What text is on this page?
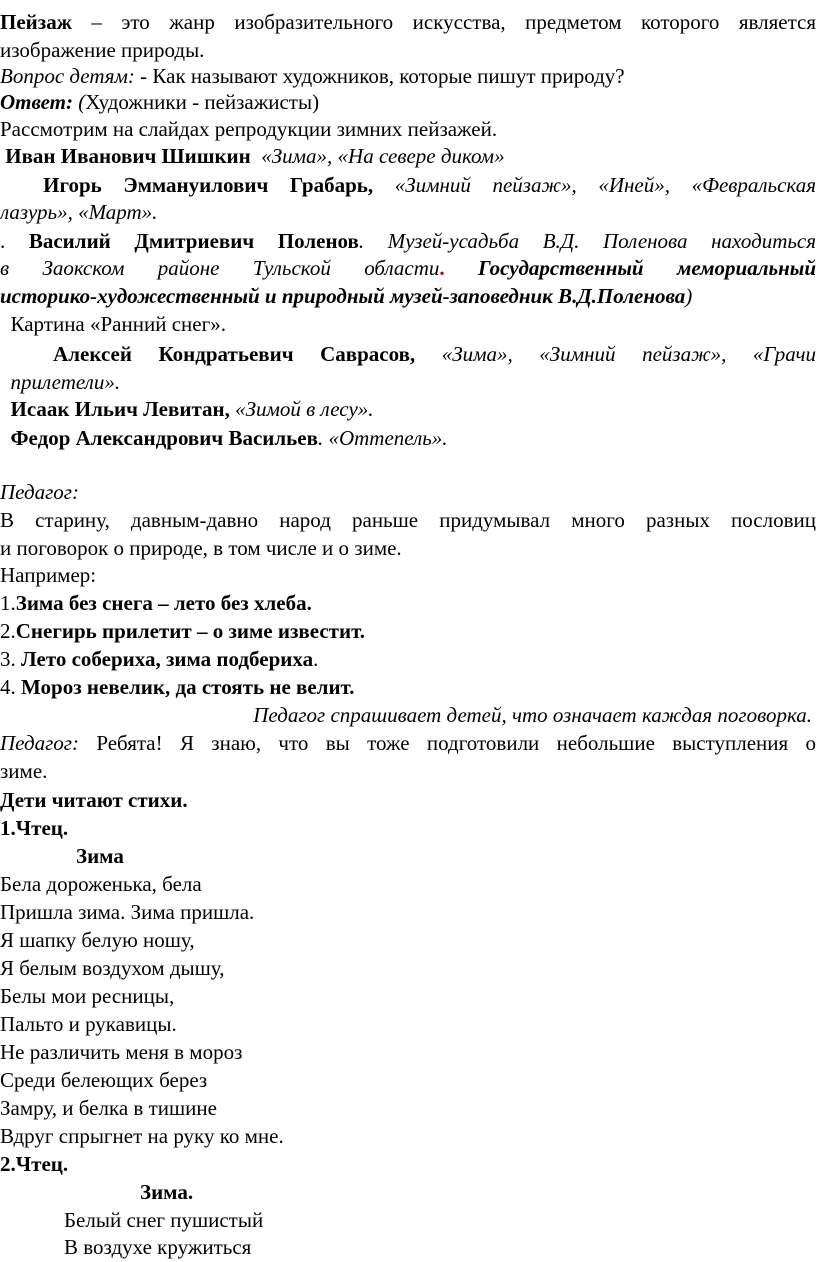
Пейзаж – это жанр изобразительного искусства, предметом которого является
изображение природы.
Вопрос детям: - Как называют художников, которые пишут природу?
Ответ: (Художники - пейзажисты)
Рассмотрим на слайдах репродукции зимних пейзажей.
Иван Иванович Шишкин «Зима», «На севере диком»
Игорь Эммануилович Грабарь, «Зимний пейзаж», «Иней», «Февральская
лазурь», «Март».
. Василий Дмитриевич Поленов. Музей-усадьба В.Д. Поленова находиться
в Заокском районе Тульской области. Государственный мемориальный
историко-художественный и природный музей-заповедник В.Д.Поленова)
Картина «Ранний снег».
Алексей Кондратьевич Саврасов, «Зима», «Зимний пейзаж», «Грачи
прилетели».
Исаак Ильич Левитан, «Зимой в лесу».
Федор Александрович Васильев. «Оттепель».
Педагог:
В старину, давным-давно народ раньше придумывал много разных пословиц
и поговорок о природе, в том числе и о зиме.
Например:
1.Зима без снега – лето без хлеба.
2.Снегирь прилетит – о зиме известит.
3. Лето собериха, зима подбериха.
4. Мороз невелик, да стоять не велит.
Педагог спрашивает детей, что означает каждая поговорка.
Педагог: Ребята! Я знаю, что вы тоже подготовили небольшие выступления о
зиме.
Дети читают стихи.
1.Чтец.
Зима
Бела дороженька, бела
Пришла зима. Зима пришла.
Я шапку белую ношу,
Я белым воздухом дышу,
Белы мои ресницы,
Пальто и рукавицы.
Не различить меня в мороз
Среди белеющих берез
Замру, и белка в тишине
Вдруг спрыгнет на руку ко мне.
2.Чтец.
Зима.
Белый снег пушистый
В воздухе кружиться
